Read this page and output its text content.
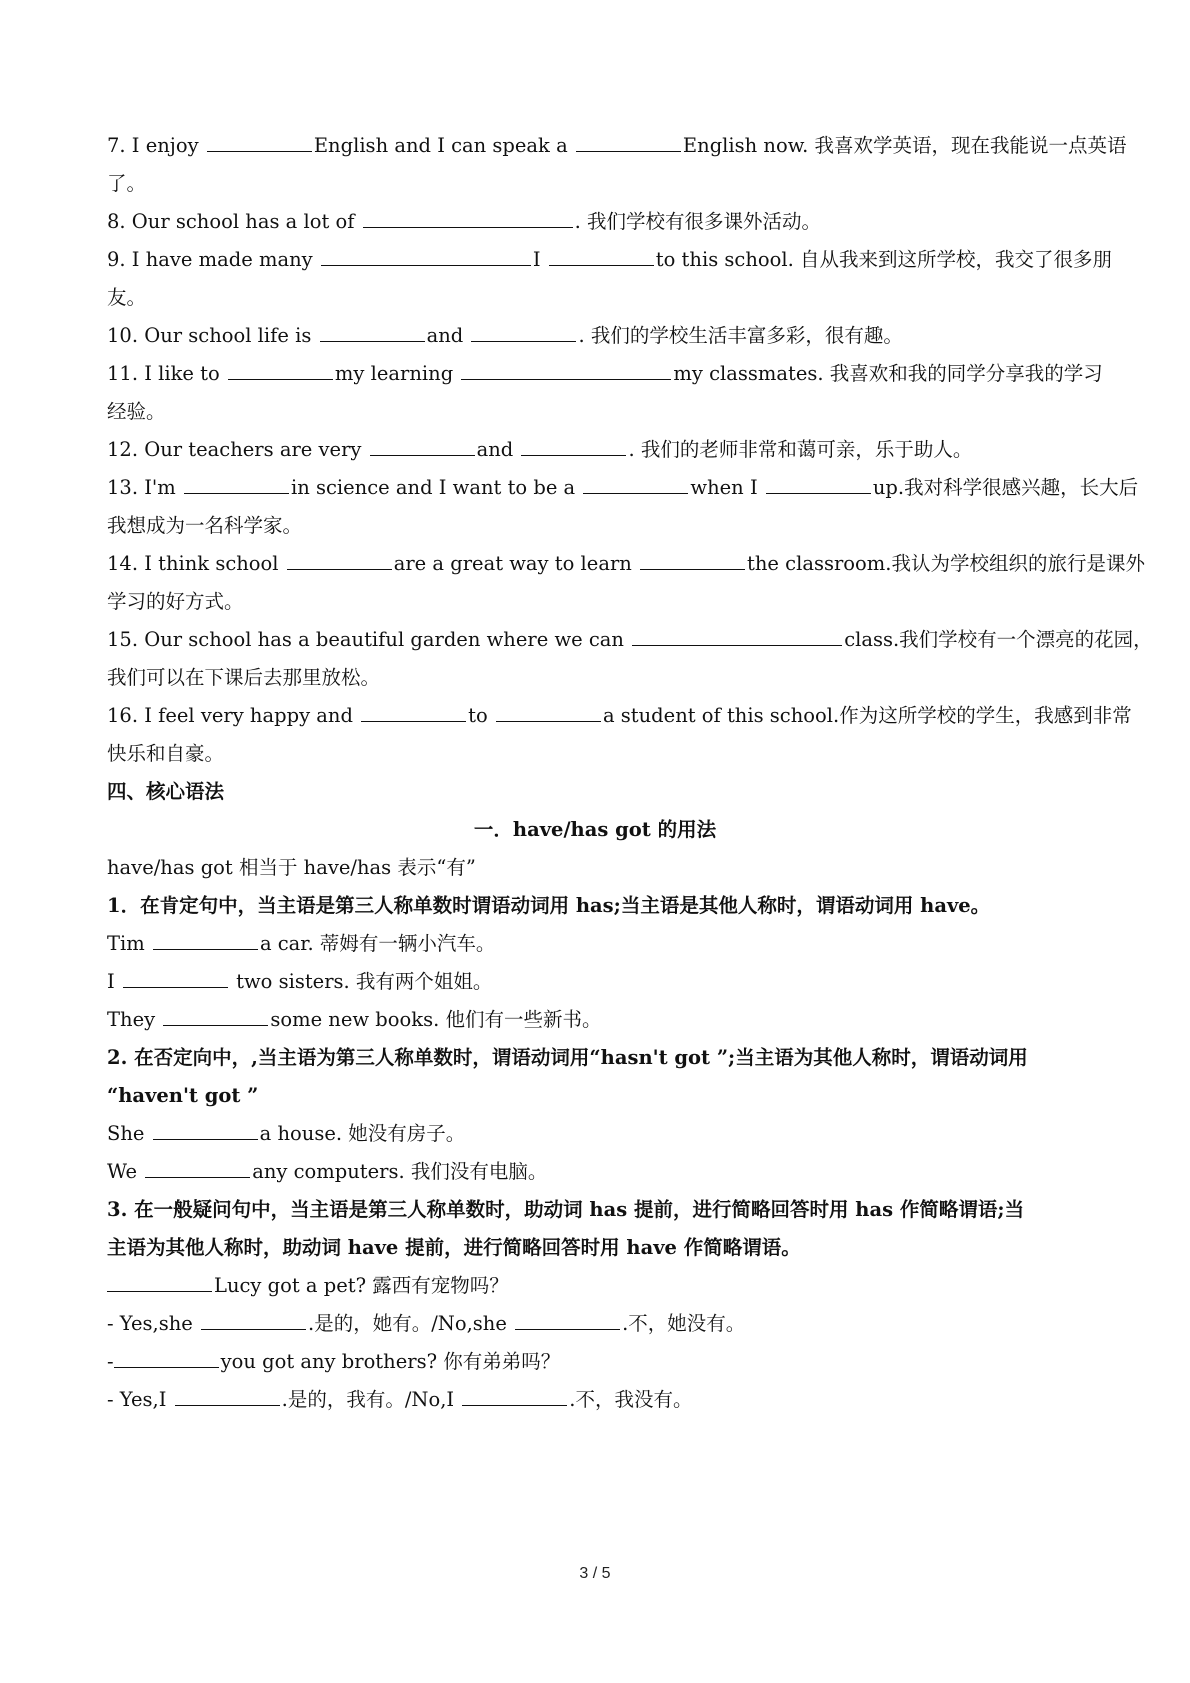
7. I enjoy	English and I can speak a	English now. 我喜欢学英语，现在我能说一点英语
了。
8. Our school has a lot of	. 我们学校有很多课外活动。
9. I have made many	I	to this school. 自从我来到这所学校，我交了很多朋
友。
10. Our school life is	and	. 我们的学校生活丰富多彩，很有趣。
11. I like to	my learning	my classmates. 我喜欢和我的同学分享我的学习
经验。
12. Our teachers are very	and	. 我们的老师非常和蔼可亲，乐于助人。
13. I'm	in science and I want to be a	when I	up.我对科学很感兴趣，长大后
我想成为一名科学家。
14. I think school	are a great way to learn	the classroom.我认为学校组织的旅行是课外
学习的好方式。
15. Our school has a beautiful garden where we can	class.我们学校有一个漂亮的花园，
我们可以在下课后去那里放松。
16. I feel very happy and	to	a student of this school.作为这所学校的学生，我感到非常
快乐和自豪。
四、核心语法
一．have/has got 的用法
have/has got 相当于 have/has 表示“有”
1．在肯定句中，当主语是第三人称单数时谓语动词用 has;当主语是其他人称时，谓语动词用 have。
Tim	a car. 蒂姆有一辆小汽车。
I	two sisters. 我有两个姐姐。
They	some new books. 他们有一些新书。
2. 在否定向中，,当主语为第三人称单数时，谓语动词用“hasn't got ”;当主语为其他人称时，谓语动词用
“haven't got ”
She	a house. 她没有房子。
We	any computers. 我们没有电脑。
3. 在一般疑问句中，当主语是第三人称单数时，助动词 has 提前，进行简略回答时用 has 作简略谓语;当
主语为其他人称时，助动词 have 提前，进行简略回答时用 have 作简略谓语。
Lucy got a pet? 露西有宠物吗？
- Yes,she	.是的，她有。/No,she	.不，她没有。
-	you got any brothers? 你有弟弟吗？
- Yes,I	.是的，我有。/No,I	.不，我没有。
3 / 5
